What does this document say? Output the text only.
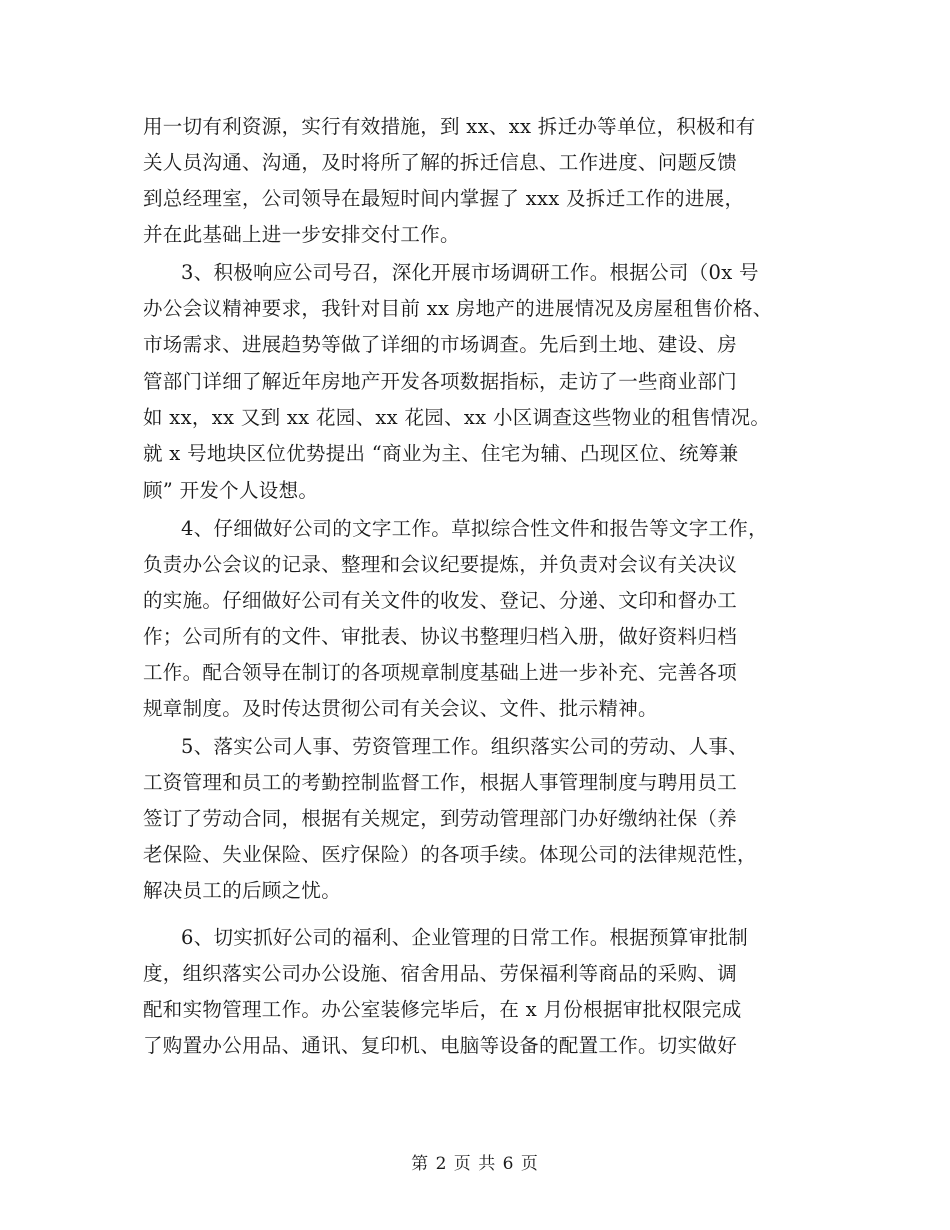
用一切有利资源，实行有效措施，到 xx、xx 拆迁办等单位，积极和有
关人员沟通、沟通，及时将所了解的拆迁信息、工作进度、问题反馈
到总经理室，公司领导在最短时间内掌握了 xxx 及拆迁工作的进展，
并在此基础上进一步安排交付工作。
3、积极响应公司号召，深化开展市场调研工作。根据公司（0x 号
办公会议精神要求，我针对目前 xx 房地产的进展情况及房屋租售价格、
市场需求、进展趋势等做了详细的市场调查。先后到土地、建设、房
管部门详细了解近年房地产开发各项数据指标，走访了一些商业部门
如 xx，xx 又到 xx 花园、xx 花园、xx 小区调查这些物业的租售情况。
就 x 号地块区位优势提出 “商业为主、住宅为辅、凸现区位、统筹兼
顾” 开发个人设想。
4、仔细做好公司的文字工作。草拟综合性文件和报告等文字工作，
负责办公会议的记录、整理和会议纪要提炼，并负责对会议有关决议
的实施。仔细做好公司有关文件的收发、登记、分递、文印和督办工
作；公司所有的文件、审批表、协议书整理归档入册，做好资料归档
工作。配合领导在制订的各项规章制度基础上进一步补充、完善各项
规章制度。及时传达贯彻公司有关会议、文件、批示精神。
5、落实公司人事、劳资管理工作。组织落实公司的劳动、人事、
工资管理和员工的考勤控制监督工作，根据人事管理制度与聘用员工
签订了劳动合同，根据有关规定，到劳动管理部门办好缴纳社保（养
老保险、失业保险、医疗保险）的各项手续。体现公司的法律规范性，
解决员工的后顾之忧。
6、切实抓好公司的福利、企业管理的日常工作。根据预算审批制
度，组织落实公司办公设施、宿舍用品、劳保福利等商品的采购、调
配和实物管理工作。办公室装修完毕后，在 x 月份根据审批权限完成
了购置办公用品、通讯、复印机、电脑等设备的配置工作。切实做好
第 2 页 共 6 页
